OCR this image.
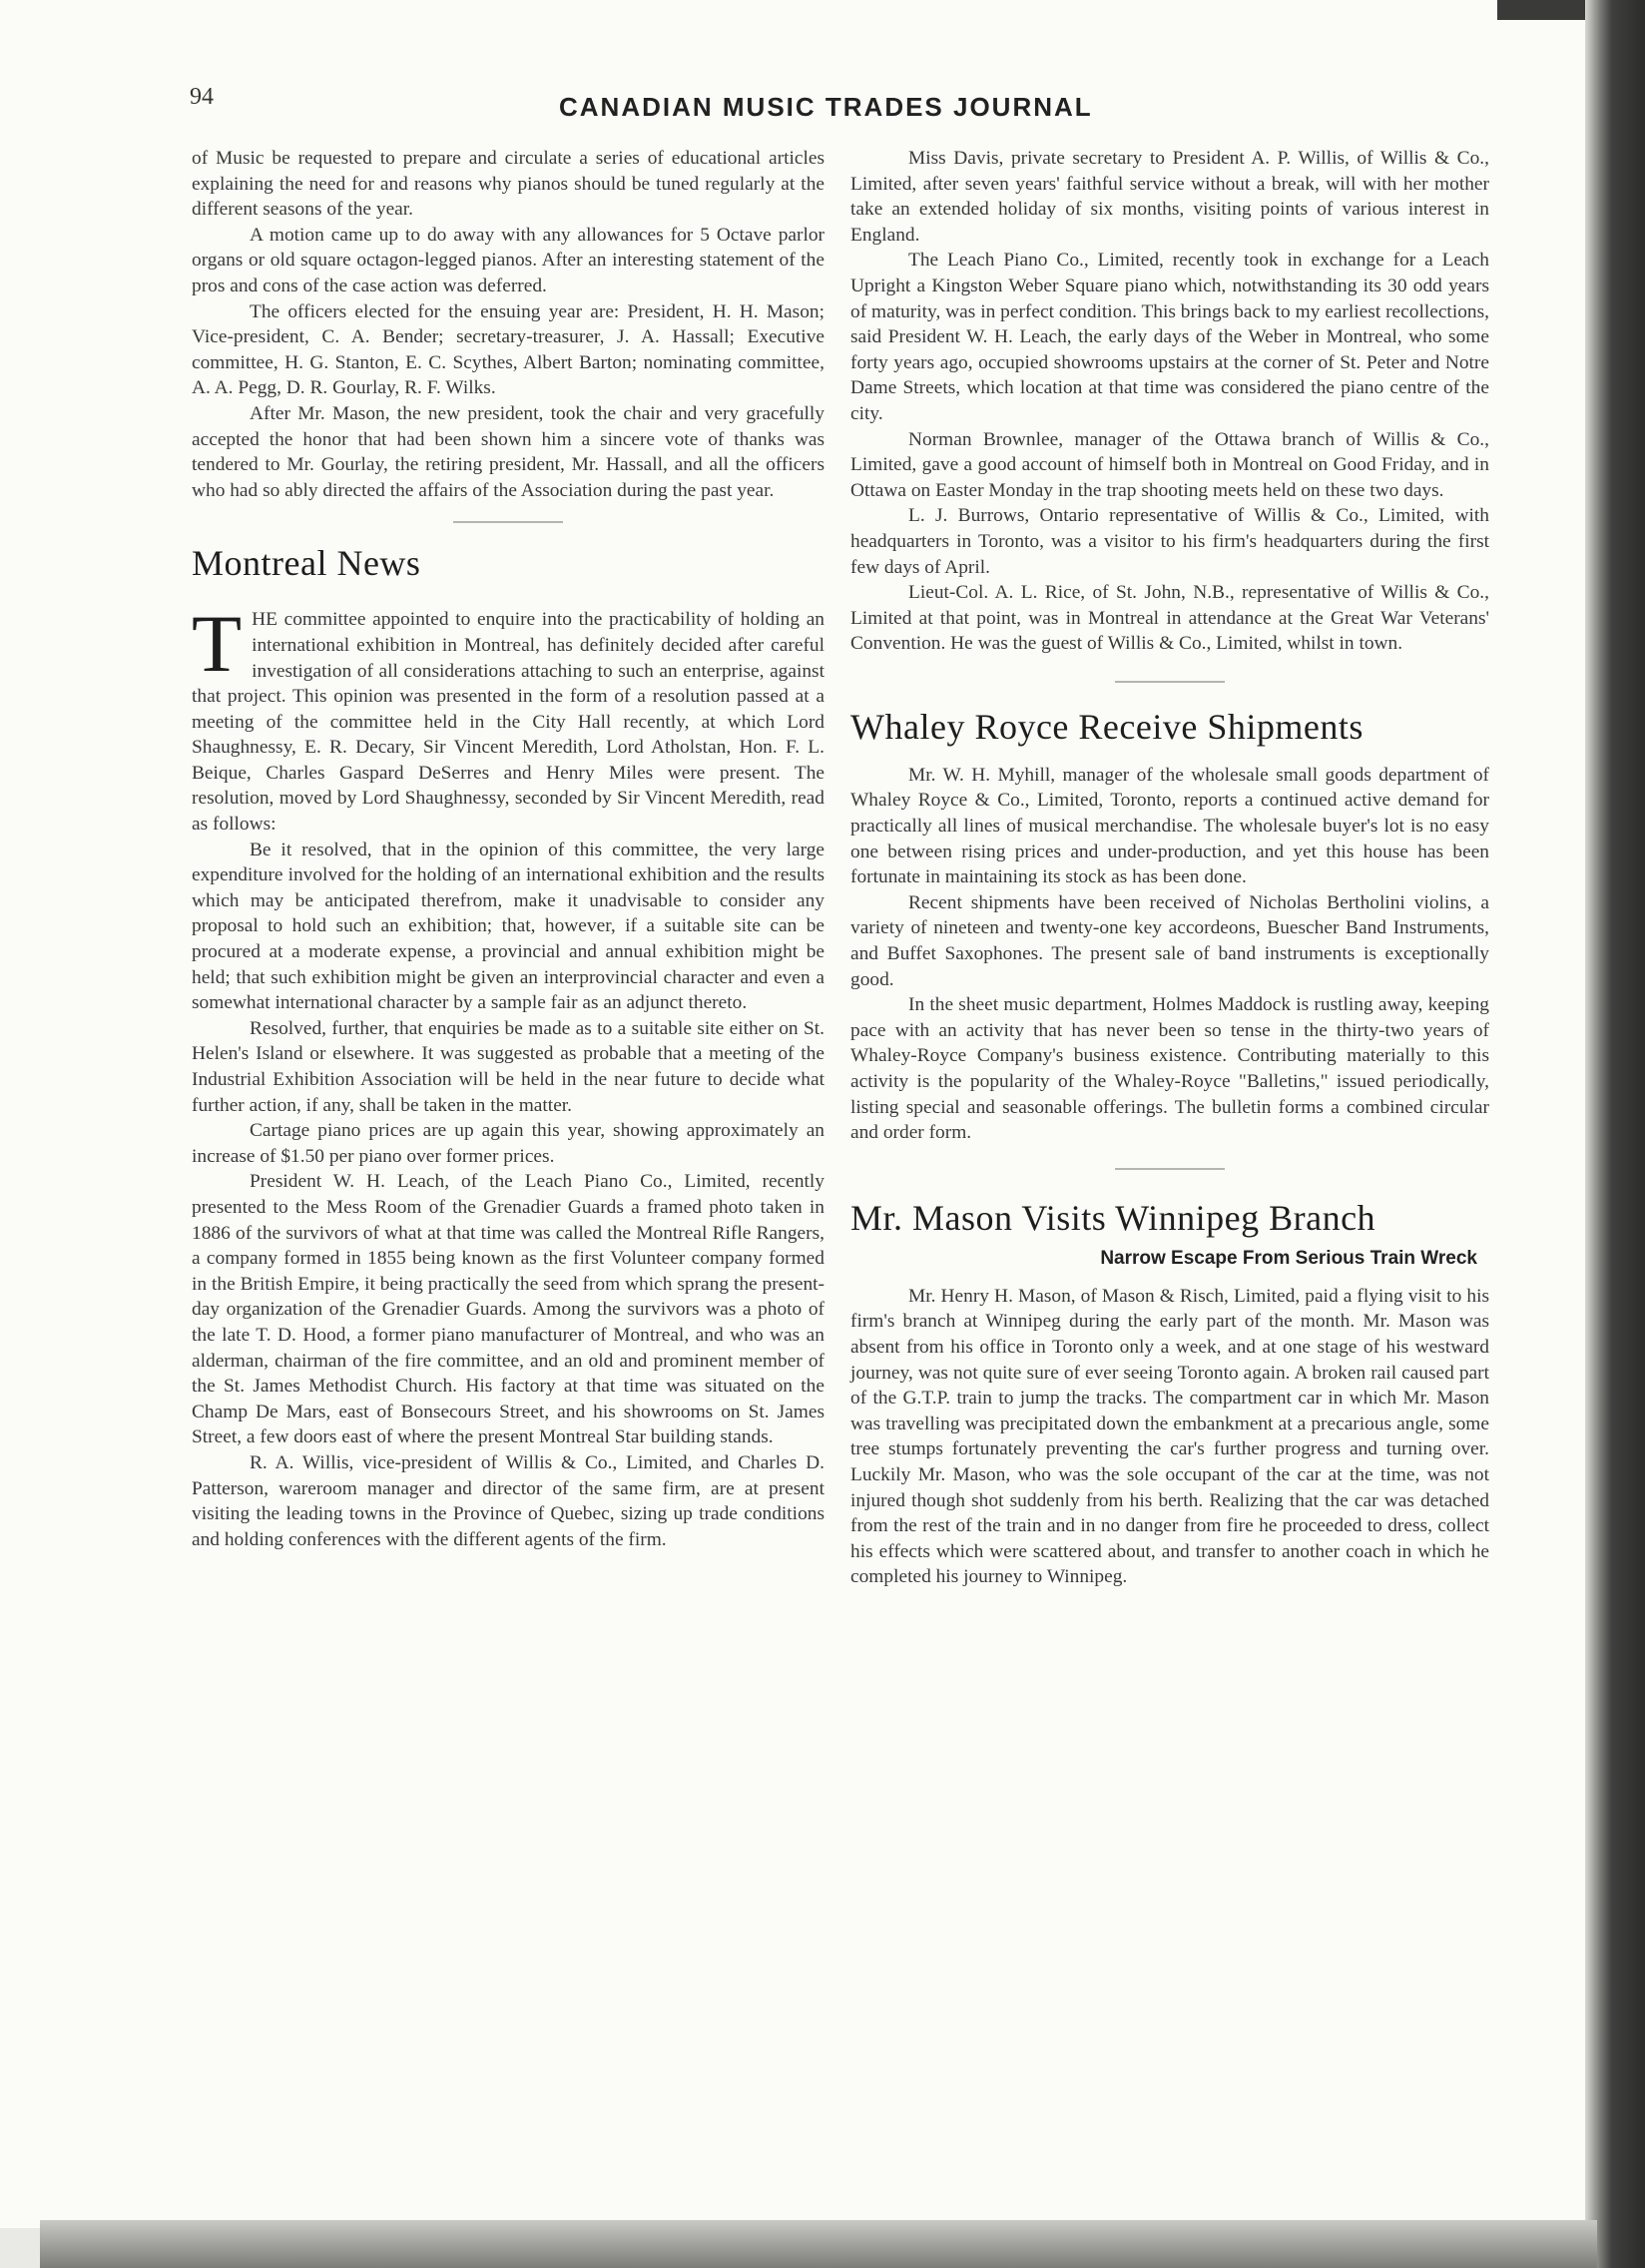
94	CANADIAN MUSIC TRADES JOURNAL

of Music be requested to prepare and circulate a series of educational articles explaining the need for and reasons why pianos should be tuned regularly at the different seasons of the year.

A motion came up to do away with any allowances for 5 Octave parlor organs or old square octagon-legged pianos. After an interesting statement of the pros and cons of the case action was deferred.

The officers elected for the ensuing year are: President, H. H. Mason; Vice-president, C. A. Bender; secretary-treasurer, J. A. Hassall; Executive committee, H. G. Stanton, E. C. Scythes, Albert Barton; nominating committee, A. A. Pegg, D. R. Gourlay, R. F. Wilks.

After Mr. Mason, the new president, took the chair and very gracefully accepted the honor that had been shown him a sincere vote of thanks was tendered to Mr. Gourlay, the retiring president, Mr. Hassall, and all the officers who had so ably directed the affairs of the Association during the past year.

Montreal News

THE committee appointed to enquire into the practicability of holding an international exhibition in Montreal, has definitely decided after careful investigation of all considerations attaching to such an enterprise, against that project. This opinion was presented in the form of a resolution passed at a meeting of the committee held in the City Hall recently, at which Lord Shaughnessy, E. R. Decary, Sir Vincent Meredith, Lord Atholstan, Hon. F. L. Beique, Charles Gaspard DeSerres and Henry Miles were present. The resolution, moved by Lord Shaughnessy, seconded by Sir Vincent Meredith, read as follows:

Be it resolved, that in the opinion of this committee, the very large expenditure involved for the holding of an international exhibition and the results which may be anticipated therefrom, make it unadvisable to consider any proposal to hold such an exhibition; that, however, if a suitable site can be procured at a moderate expense, a provincial and annual exhibition might be held; that such exhibition might be given an interprovincial character and even a somewhat international character by a sample fair as an adjunct thereto.

Resolved, further, that enquiries be made as to a suitable site either on St. Helen's Island or elsewhere. It was suggested as probable that a meeting of the Industrial Exhibition Association will be held in the near future to decide what further action, if any, shall be taken in the matter.

Cartage piano prices are up again this year, showing approximately an increase of $1.50 per piano over former prices.

President W. H. Leach, of the Leach Piano Co., Limited, recently presented to the Mess Room of the Grenadier Guards a framed photo taken in 1886 of the survivors of what at that time was called the Montreal Rifle Rangers, a company formed in 1855 being known as the first Volunteer company formed in the British Empire, it being practically the seed from which sprang the present-day organization of the Grenadier Guards. Among the survivors was a photo of the late T. D. Hood, a former piano manufacturer of Montreal, and who was an alderman, chairman of the fire committee, and an old and prominent member of the St. James Methodist Church. His factory at that time was situated on the Champ De Mars, east of Bonsecours Street, and his showrooms on St. James Street, a few doors east of where the present Montreal Star building stands.

R. A. Willis, vice-president of Willis & Co., Limited, and Charles D. Patterson, wareroom manager and director of the same firm, are at present visiting the leading towns in the Province of Quebec, sizing up trade conditions and holding conferences with the different agents of the firm.

Miss Davis, private secretary to President A. P. Willis, of Willis & Co., Limited, after seven years' faithful service without a break, will with her mother take an extended holiday of six months, visiting points of various interest in England.

The Leach Piano Co., Limited, recently took in exchange for a Leach Upright a Kingston Weber Square piano which, notwithstanding its 30 odd years of maturity, was in perfect condition. This brings back to my earliest recollections, said President W. H. Leach, the early days of the Weber in Montreal, who some forty years ago, occupied showrooms upstairs at the corner of St. Peter and Notre Dame Streets, which location at that time was considered the piano centre of the city.

Norman Brownlee, manager of the Ottawa branch of Willis & Co., Limited, gave a good account of himself both in Montreal on Good Friday, and in Ottawa on Easter Monday in the trap shooting meets held on these two days.

L. J. Burrows, Ontario representative of Willis & Co., Limited, with headquarters in Toronto, was a visitor to his firm's headquarters during the first few days of April.

Lieut-Col. A. L. Rice, of St. John, N.B., representative of Willis & Co., Limited at that point, was in Montreal in attendance at the Great War Veterans' Convention. He was the guest of Willis & Co., Limited, whilst in town.

Whaley Royce Receive Shipments

Mr. W. H. Myhill, manager of the wholesale small goods department of Whaley Royce & Co., Limited, Toronto, reports a continued active demand for practically all lines of musical merchandise. The wholesale buyer's lot is no easy one between rising prices and under-production, and yet this house has been fortunate in maintaining its stock as has been done.

Recent shipments have been received of Nicholas Bertholini violins, a variety of nineteen and twenty-one key accordeons, Buescher Band Instruments, and Buffet Saxophones. The present sale of band instruments is exceptionally good.

In the sheet music department, Holmes Maddock is rustling away, keeping pace with an activity that has never been so tense in the thirty-two years of Whaley-Royce Company's business existence. Contributing materially to this activity is the popularity of the Whaley-Royce "Balletins," issued periodically, listing special and seasonable offerings. The bulletin forms a combined circular and order form.

Mr. Mason Visits Winnipeg Branch
Narrow Escape From Serious Train Wreck

Mr. Henry H. Mason, of Mason & Risch, Limited, paid a flying visit to his firm's branch at Winnipeg during the early part of the month. Mr. Mason was absent from his office in Toronto only a week, and at one stage of his westward journey, was not quite sure of ever seeing Toronto again. A broken rail caused part of the G.T.P. train to jump the tracks. The compartment car in which Mr. Mason was travelling was precipitated down the embankment at a precarious angle, some tree stumps fortunately preventing the car's further progress and turning over. Luckily Mr. Mason, who was the sole occupant of the car at the time, was not injured though shot suddenly from his berth. Realizing that the car was detached from the rest of the train and in no danger from fire he proceeded to dress, collect his effects which were scattered about, and transfer to another coach in which he completed his journey to Winnipeg.
